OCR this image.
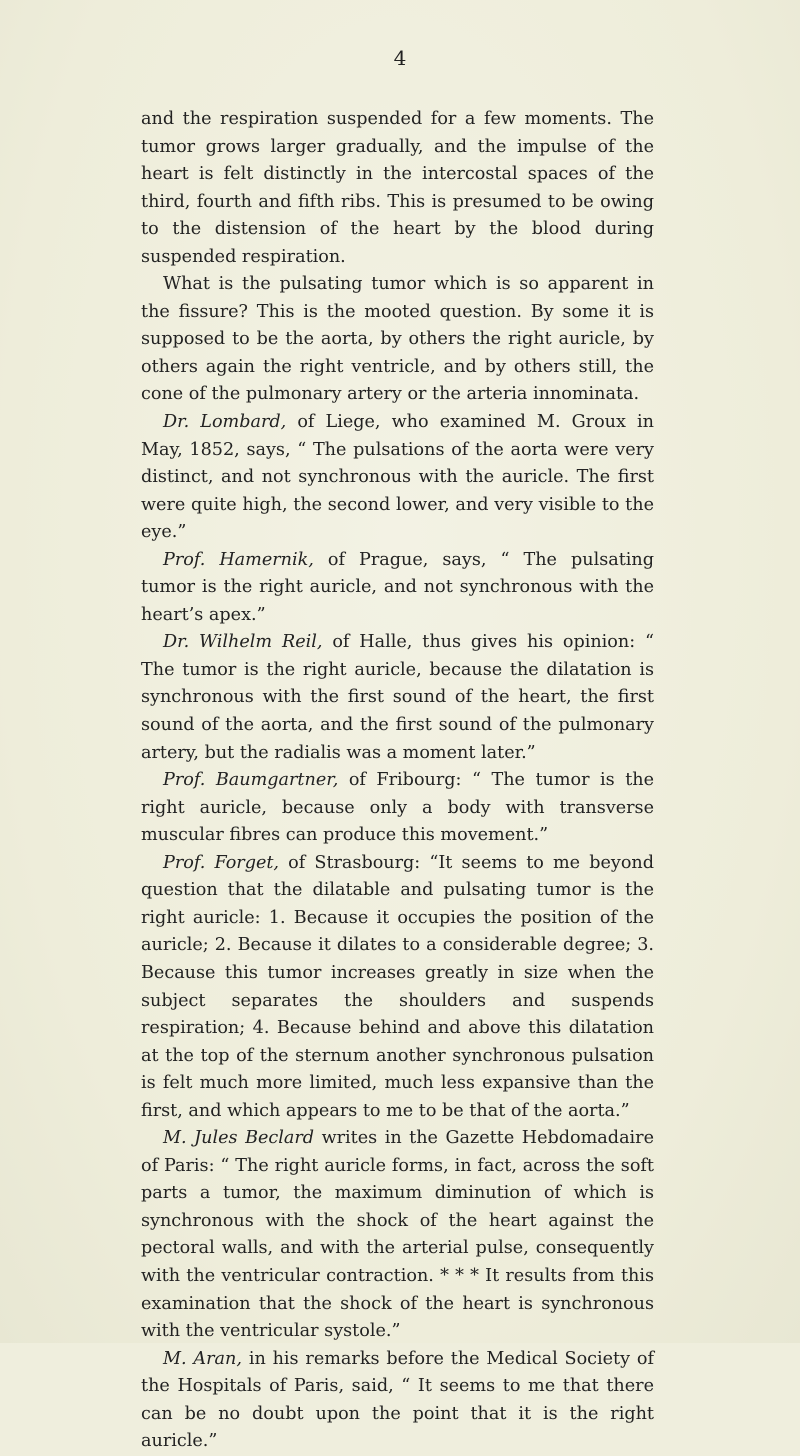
4

and the respiration suspended for a few moments. The tumor grows larger gradually, and the impulse of the heart is felt distinctly in the intercostal spaces of the third, fourth and fifth ribs. This is presumed to be owing to the distension of the heart by the blood during suspended respiration.

What is the pulsating tumor which is so apparent in the fissure? This is the mooted question. By some it is supposed to be the aorta, by others the right auricle, by others again the right ventricle, and by others still, the cone of the pulmonary artery or the arteria innominata.

Dr. Lombard, of Liege, who examined M. Groux in May, 1852, says, “ The pulsations of the aorta were very distinct, and not synchronous with the auricle. The first were quite high, the second lower, and very visible to the eye.”

Prof. Hamernik, of Prague, says, “ The pulsating tumor is the right auricle, and not synchronous with the heart’s apex.”

Dr. Wilhelm Reil, of Halle, thus gives his opinion: “ The tumor is the right auricle, because the dilatation is synchronous with the first sound of the heart, the first sound of the aorta, and the first sound of the pulmonary artery, but the radialis was a moment later.”

Prof. Baumgartner, of Fribourg: “ The tumor is the right auricle, because only a body with transverse muscular fibres can produce this movement.”

Prof. Forget, of Strasbourg: “It seems to me beyond question that the dilatable and pulsating tumor is the right auricle: 1. Because it occupies the position of the auricle; 2. Because it dilates to a considerable degree; 3. Because this tumor increases greatly in size when the subject separates the shoulders and suspends respiration; 4. Because behind and above this dilatation at the top of the sternum another synchronous pulsation is felt much more limited, much less expansive than the first, and which appears to me to be that of the aorta.”

M. Jules Beclard writes in the Gazette Hebdomadaire of Paris: “ The right auricle forms, in fact, across the soft parts a tumor, the maximum diminution of which is synchronous with the shock of the heart against the pectoral walls, and with the arterial pulse, consequently with the ventricular contraction. * * * It results from this examination that the shock of the heart is synchronous with the ventricular systole.”

M. Aran, in his remarks before the Medical Society of the Hospitals of Paris, said, “ It seems to me that there can be no doubt upon the point that it is the right auricle.”
